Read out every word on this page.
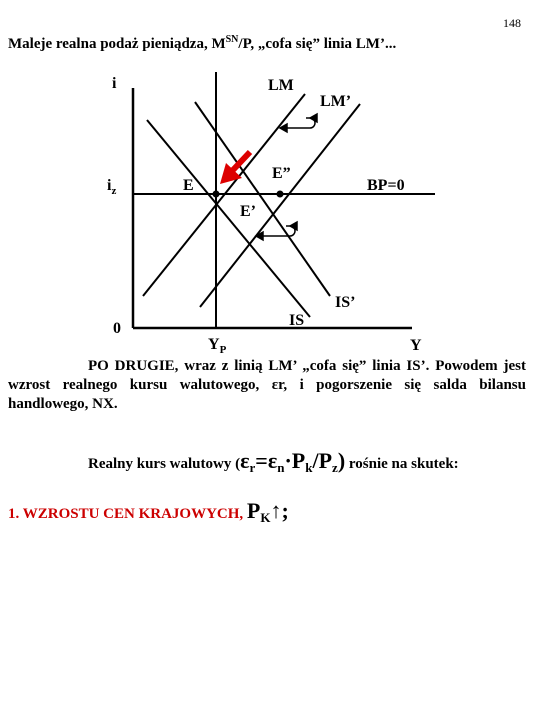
148
Maleje realna podaż pieniądza, $M^{SN}/P$, „cofa się” linia LM’...
i
Y
0
$i_z$
$Y_P$
LM
LM’
BP=0
E
E”
E’
IS
IS’
PO DRUGIE, wraz z linią LM’ „cofa się” linia IS’. Powodem jest wzrost realnego kursu walutowego, εr, i pogorszenie się salda bilansu handlowego, NX.
Realny kurs walutowy $(\varepsilon_r=\varepsilon_n\cdot P_k/P_z)$ rośnie na skutek:
1. WZROSTU CEN KRAJOWYCH, $P_K↑$;
